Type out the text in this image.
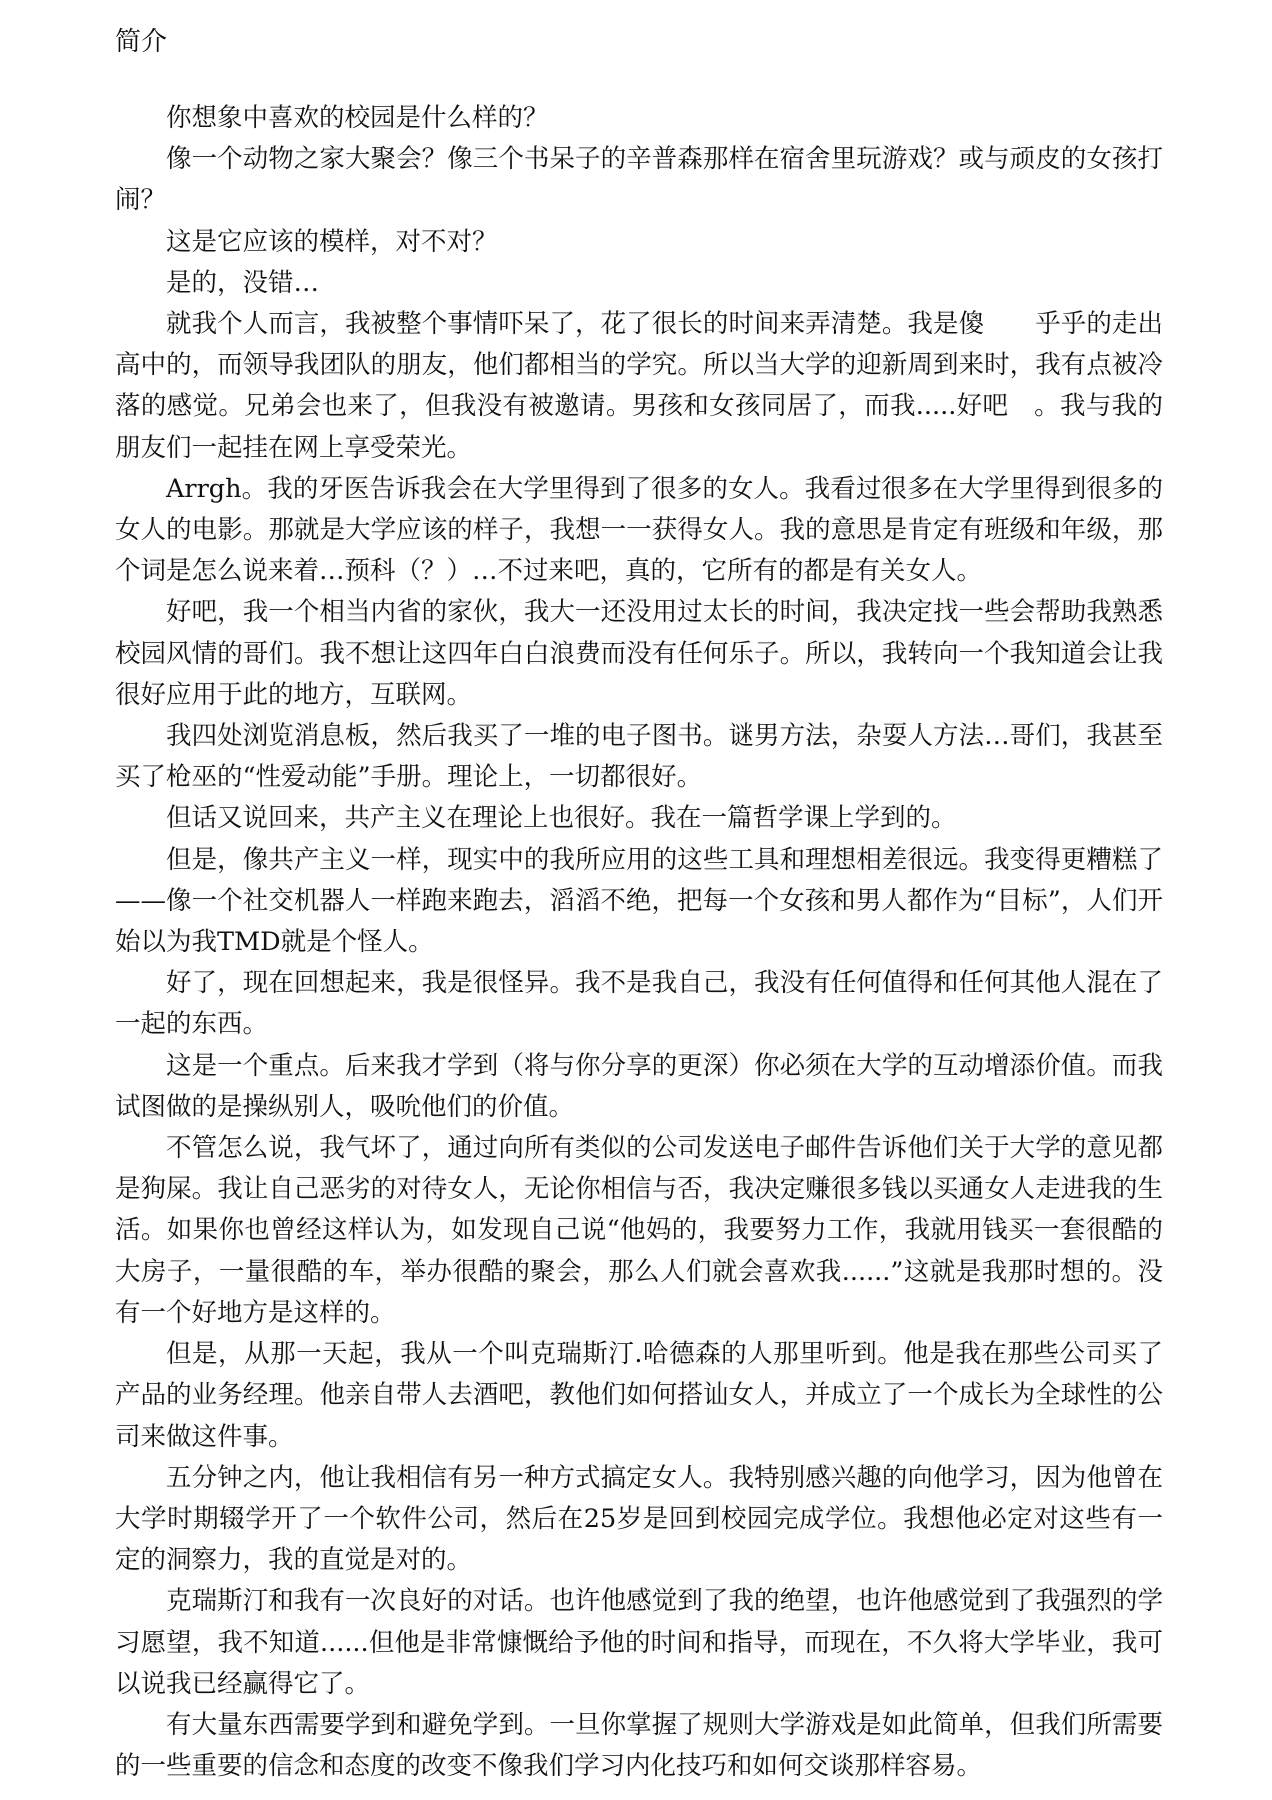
简介

你想象中喜欢的校园是什么样的？

像一个动物之家大聚会？像三个书呆子的辛普森那样在宿舍里玩游戏？或与顽皮的女孩打闹？

这是它应该的模样，对不对？

是的，没错…

就我个人而言，我被整个事情吓呆了，花了很长的时间来弄清楚。我是傻　　乎乎的走出高中的，而领导我团队的朋友，他们都相当的学究。所以当大学的迎新周到来时，我有点被冷落的感觉。兄弟会也来了，但我没有被邀请。男孩和女孩同居了，而我.....好吧　。我与我的朋友们一起挂在网上享受荣光。

Arrgh。我的牙医告诉我会在大学里得到了很多的女人。我看过很多在大学里得到很多的女人的电影。那就是大学应该的样子，我想一一获得女人。我的意思是肯定有班级和年级，那个词是怎么说来着…预科（？）…不过来吧，真的，它所有的都是有关女人。

好吧，我一个相当内省的家伙，我大一还没用过太长的时间，我决定找一些会帮助我熟悉校园风情的哥们。我不想让这四年白白浪费而没有任何乐子。所以，我转向一个我知道会让我很好应用于此的地方，互联网。

我四处浏览消息板，然后我买了一堆的电子图书。谜男方法，杂耍人方法…哥们，我甚至买了枪巫的“性爱动能”手册。理论上，一切都很好。

但话又说回来，共产主义在理论上也很好。我在一篇哲学课上学到的。

但是，像共产主义一样，现实中的我所应用的这些工具和理想相差很远。我变得更糟糕了——像一个社交机器人一样跑来跑去，滔滔不绝，把每一个女孩和男人都作为“目标”，人们开始以为我TMD就是个怪人。

好了，现在回想起来，我是很怪异。我不是我自己，我没有任何值得和任何其他人混在了一起的东西。

这是一个重点。后来我才学到（将与你分享的更深）你必须在大学的互动增添价值。而我试图做的是操纵别人，吸吮他们的价值。

不管怎么说，我气坏了，通过向所有类似的公司发送电子邮件告诉他们关于大学的意见都是狗屎。我让自己恶劣的对待女人，无论你相信与否，我决定赚很多钱以买通女人走进我的生活。如果你也曾经这样认为，如发现自己说“他妈的，我要努力工作，我就用钱买一套很酷的大房子，一量很酷的车，举办很酷的聚会，那么人们就会喜欢我......”这就是我那时想的。没有一个好地方是这样的。

但是，从那一天起，我从一个叫克瑞斯汀.哈德森的人那里听到。他是我在那些公司买了产品的业务经理。他亲自带人去酒吧，教他们如何搭讪女人，并成立了一个成长为全球性的公司来做这件事。

五分钟之内，他让我相信有另一种方式搞定女人。我特别感兴趣的向他学习，因为他曾在大学时期辍学开了一个软件公司，然后在25岁是回到校园完成学位。我想他必定对这些有一定的洞察力，我的直觉是对的。

克瑞斯汀和我有一次良好的对话。也许他感觉到了我的绝望，也许他感觉到了我强烈的学习愿望，我不知道......但他是非常慷慨给予他的时间和指导，而现在，不久将大学毕业，我可以说我已经赢得它了。

有大量东西需要学到和避免学到。一旦你掌握了规则大学游戏是如此简单，但我们所需要的一些重要的信念和态度的改变不像我们学习内化技巧和如何交谈那样容易。
